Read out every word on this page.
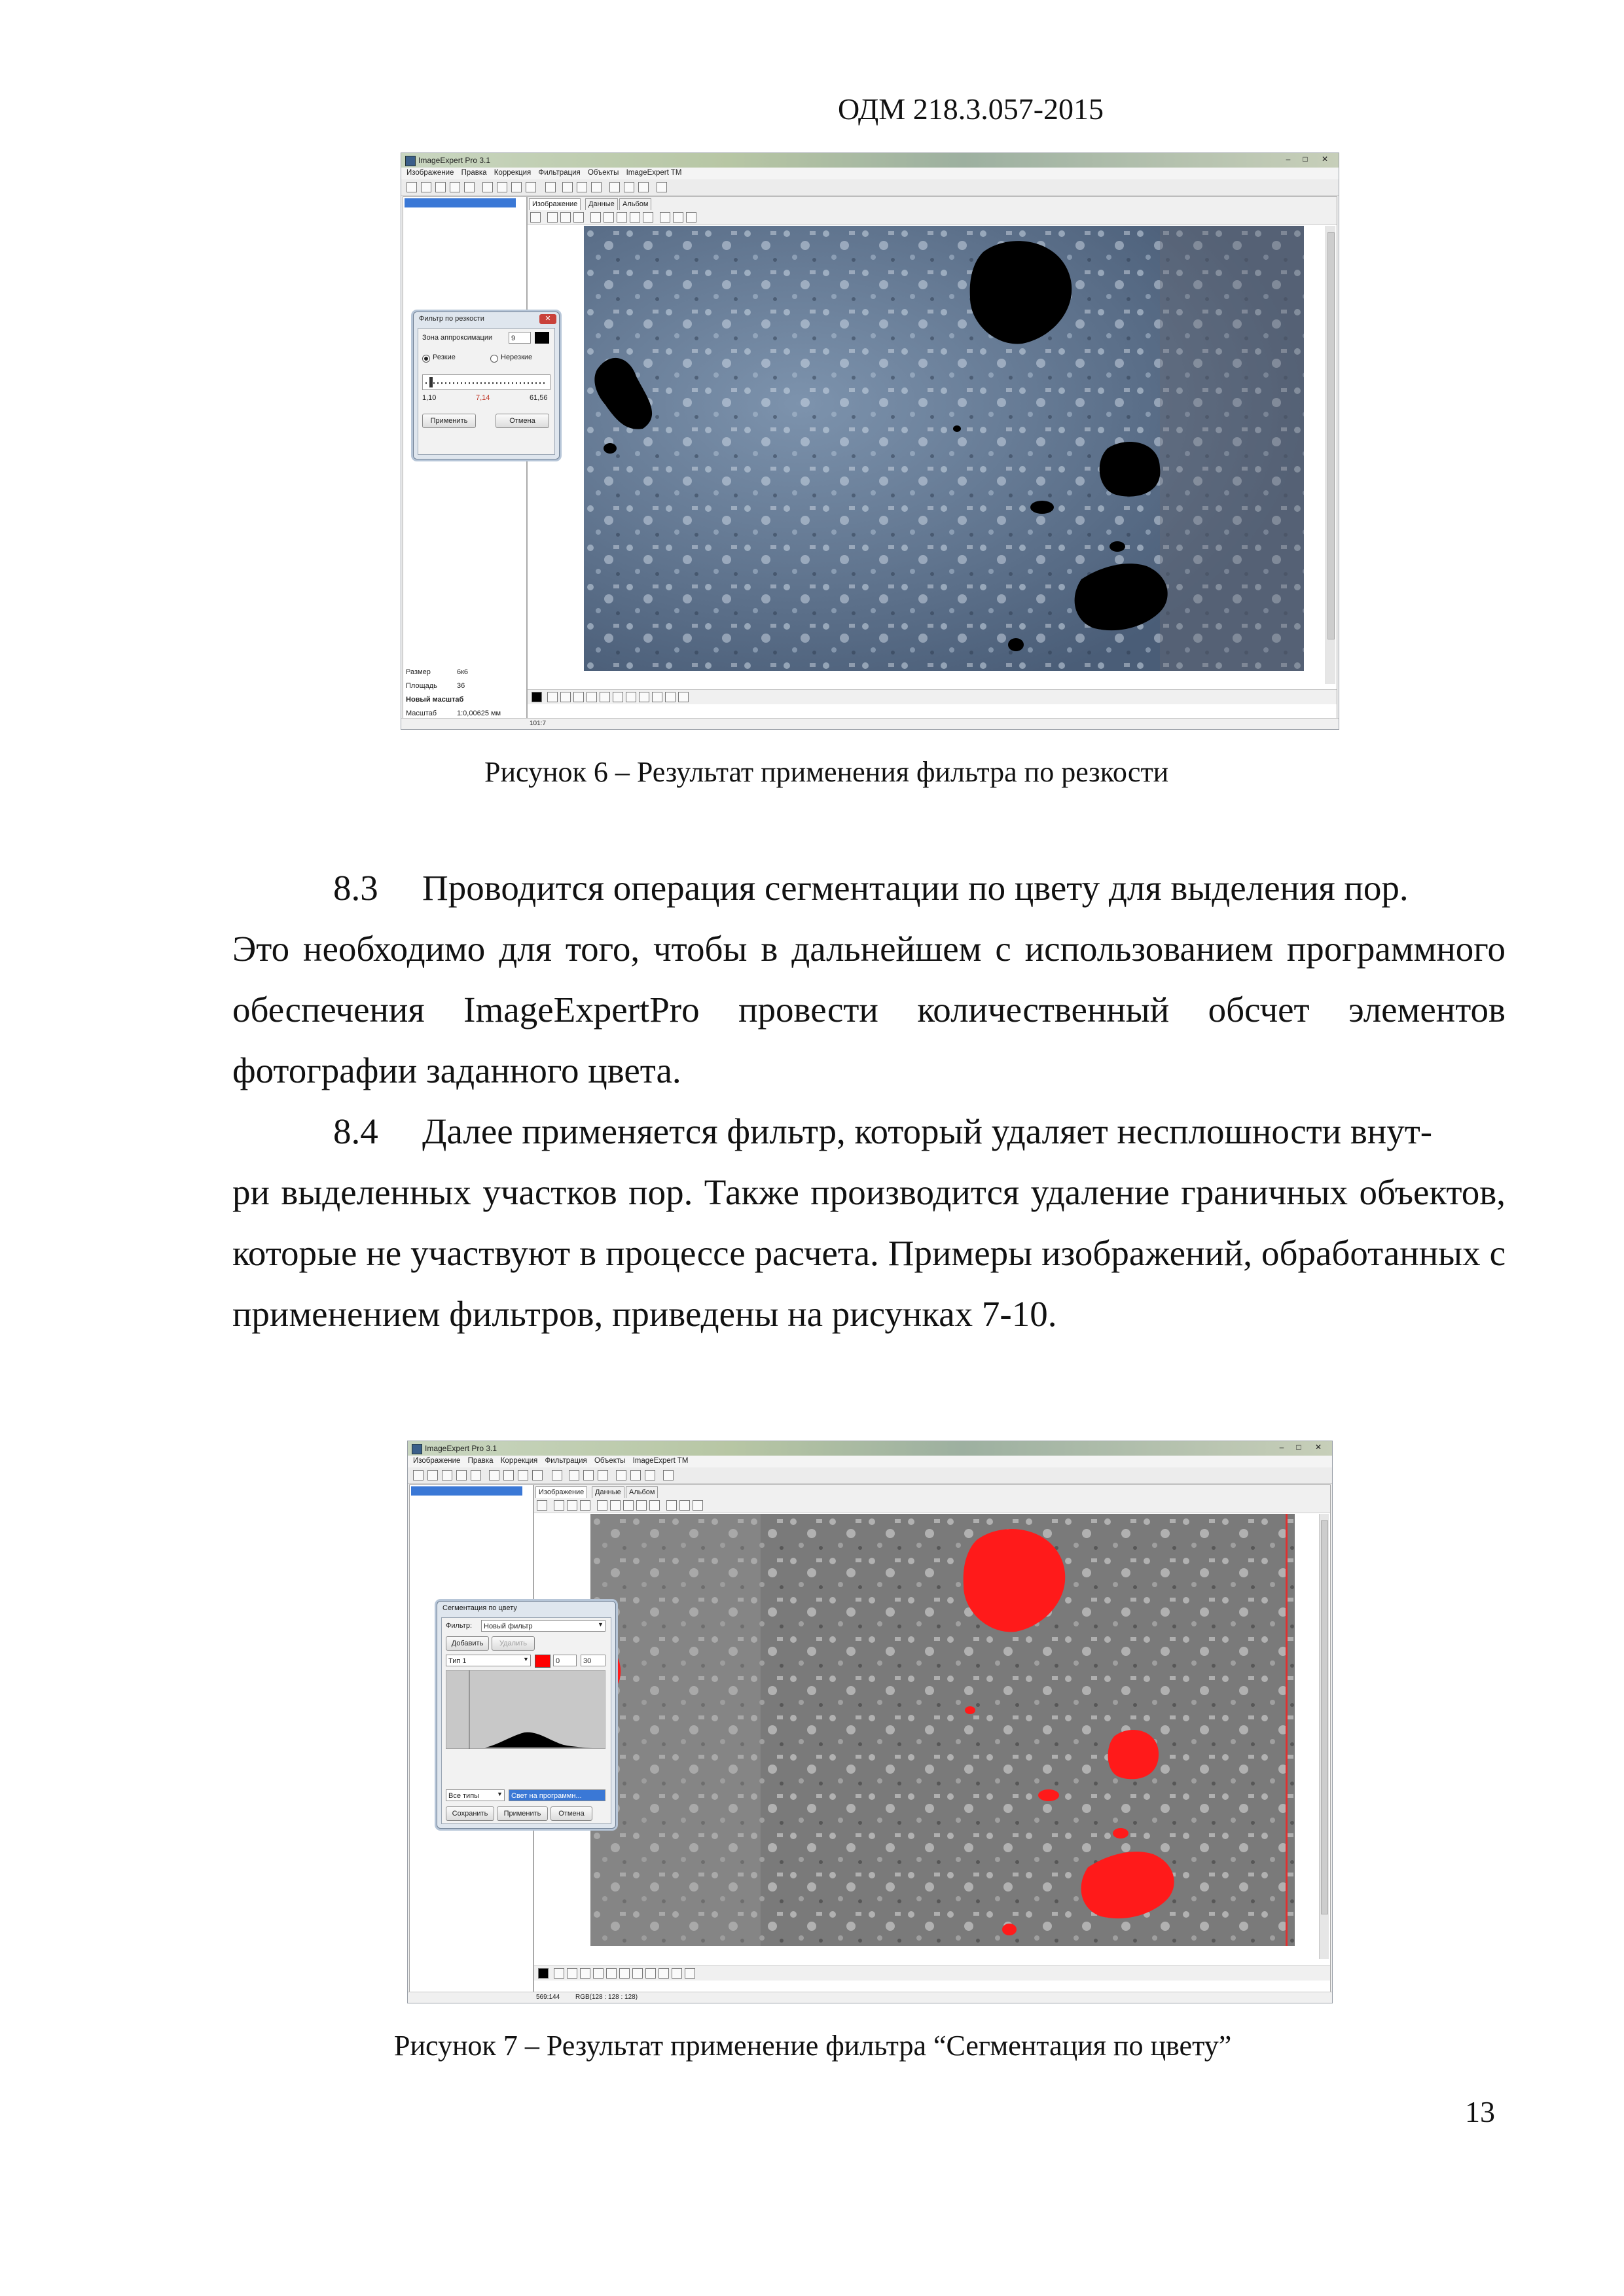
ОДМ 218.3.057-2015
ImageExpert Pro 3.1	–	□	✕
Изображение Правка Коррекция Фильтрация Объекты ImageExpert TM
Размер	6к6
Площадь	36
Новый масштаб
Масштаб	1:0,00625 мм
Изображение	Данные	Альбом
101:7
Фильтр по резкости	✕
Зона аппроксимации	9
Резкие	Нерезкие
1,10	7,14	61,56
Применить	Отмена
Рисунок 6 – Результат применения фильтра по резкости
8.3 Проводится операция сегментации по цвету для выделения пор.
Это необходимо для того, чтобы в дальнейшем с использованием программного обеспечения ImageExpertPro провести количественный обсчет элементов фотографии заданного цвета.
8.4 Далее применяется фильтр, который удаляет несплошности внут-
ри выделенных участков пор. Также производится удаление граничных объектов, которые не участвуют в процессе расчета. Примеры изображений, обработанных с применением фильтров, приведены на рисунках 7-10.
ImageExpert Pro 3.1	–	□	✕
Изображение Правка Коррекция Фильтрация Объекты ImageExpert TM
Изображение	Данные	Альбом
569:144 RGB(128 : 128 : 128)
Сегментация по цвету
Фильтр:	Новый фильтр	▼
Добавить	Удалить
Тип 1	▼	0	30
Все типы	▼	Свет на программн...
Сохранить	Применить	Отмена
Рисунок 7 – Результат применение фильтра “Сегментация по цвету”
13
